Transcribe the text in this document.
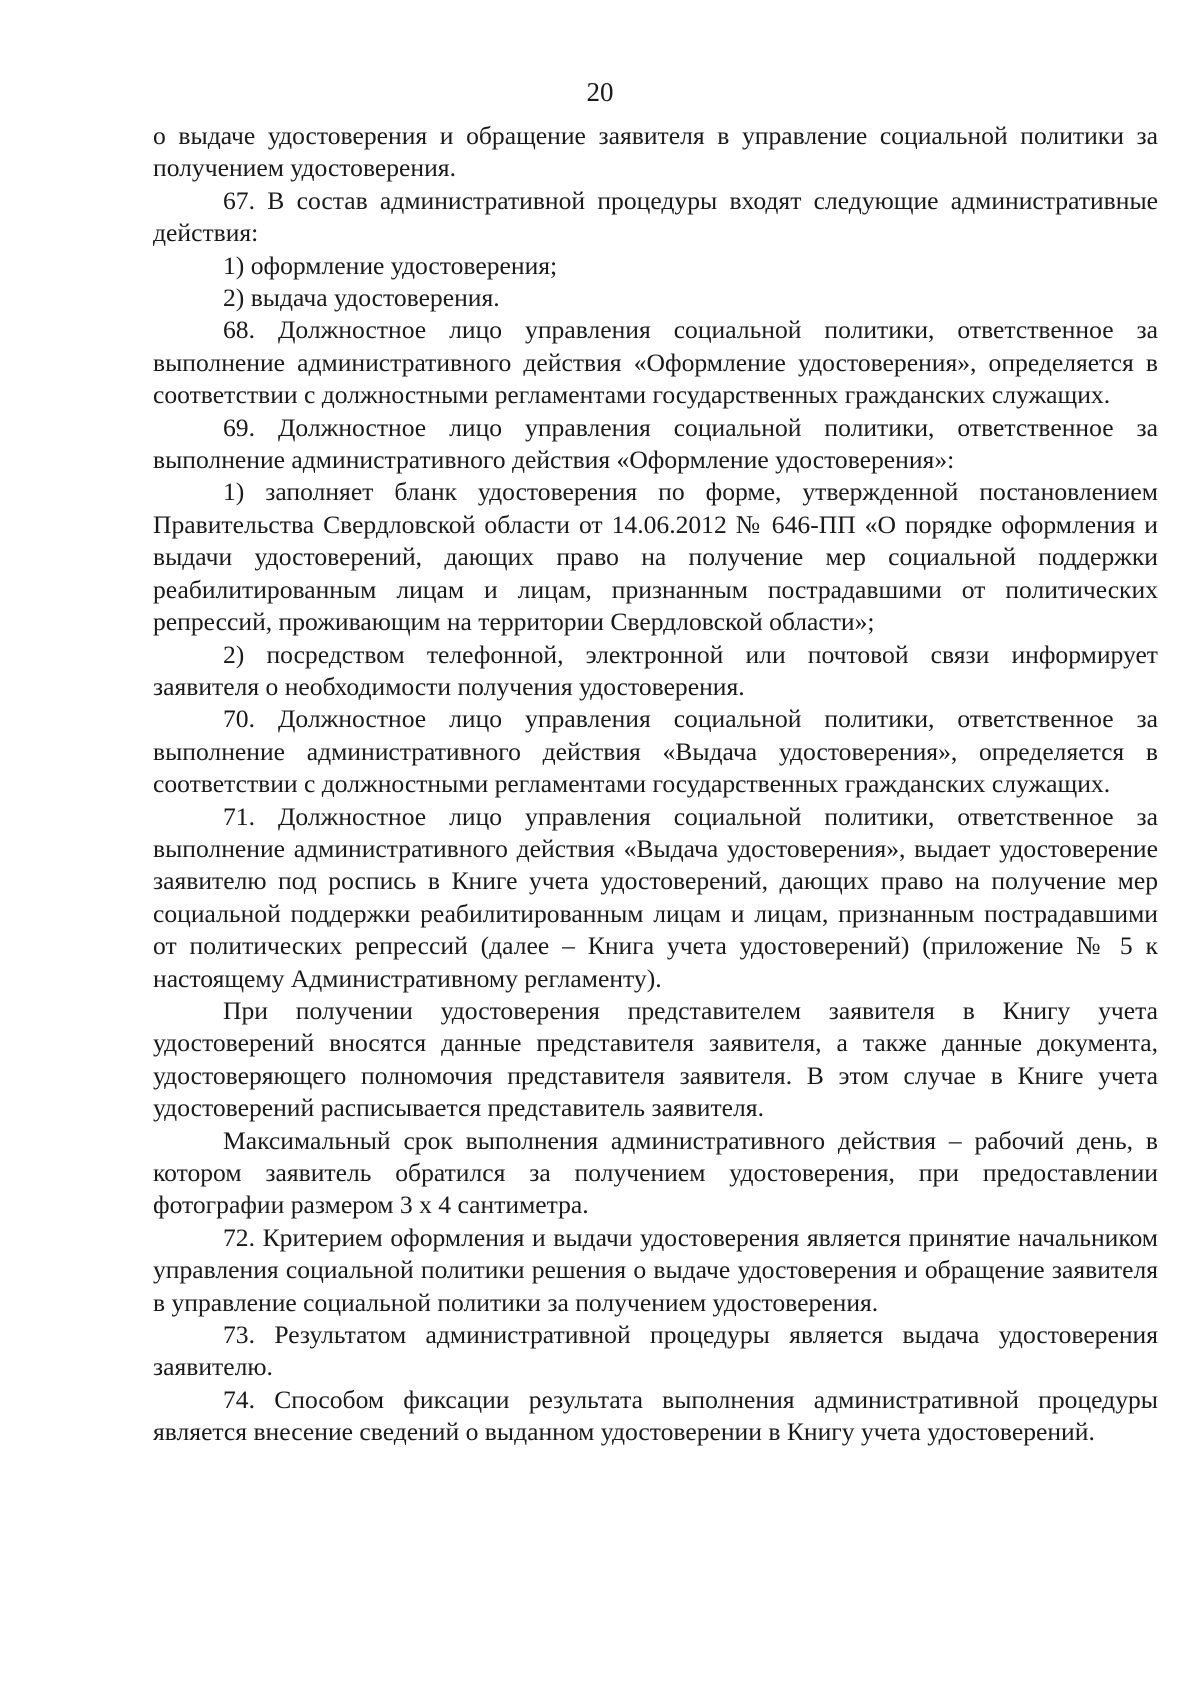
20

о выдаче удостоверения и обращение заявителя в управление социальной политики за получением удостоверения.

67. В состав административной процедуры входят следующие административные действия:

1) оформление удостоверения;

2) выдача удостоверения.

68. Должностное лицо управления социальной политики, ответственное за выполнение административного действия «Оформление удостоверения», определяется в соответствии с должностными регламентами государственных гражданских служащих.

69. Должностное лицо управления социальной политики, ответственное за выполнение административного действия «Оформление удостоверения»:

1) заполняет бланк удостоверения по форме, утвержденной постановлением Правительства Свердловской области от 14.06.2012 № 646-ПП «О порядке оформления и выдачи удостоверений, дающих право на получение мер социальной поддержки реабилитированным лицам и лицам, признанным пострадавшими от политических репрессий, проживающим на территории Свердловской области»;

2) посредством телефонной, электронной или почтовой связи информирует заявителя о необходимости получения удостоверения.

70. Должностное лицо управления социальной политики, ответственное за выполнение административного действия «Выдача удостоверения», определяется в соответствии с должностными регламентами государственных гражданских служащих.

71. Должностное лицо управления социальной политики, ответственное за выполнение административного действия «Выдача удостоверения», выдает удостоверение заявителю под роспись в Книге учета удостоверений, дающих право на получение мер социальной поддержки реабилитированным лицам и лицам, признанным пострадавшими от политических репрессий (далее – Книга учета удостоверений) (приложение № 5 к настоящему Административному регламенту).

При получении удостоверения представителем заявителя в Книгу учета удостоверений вносятся данные представителя заявителя, а также данные документа, удостоверяющего полномочия представителя заявителя. В этом случае в Книге учета удостоверений расписывается представитель заявителя.

Максимальный срок выполнения административного действия – рабочий день, в котором заявитель обратился за получением удостоверения, при предоставлении фотографии размером 3 х 4 сантиметра.

72. Критерием оформления и выдачи удостоверения является принятие начальником управления социальной политики решения о выдаче удостоверения и обращение заявителя в управление социальной политики за получением удостоверения.

73. Результатом административной процедуры является выдача удостоверения заявителю.

74. Способом фиксации результата выполнения административной процедуры является внесение сведений о выданном удостоверении в Книгу учета удостоверений.
